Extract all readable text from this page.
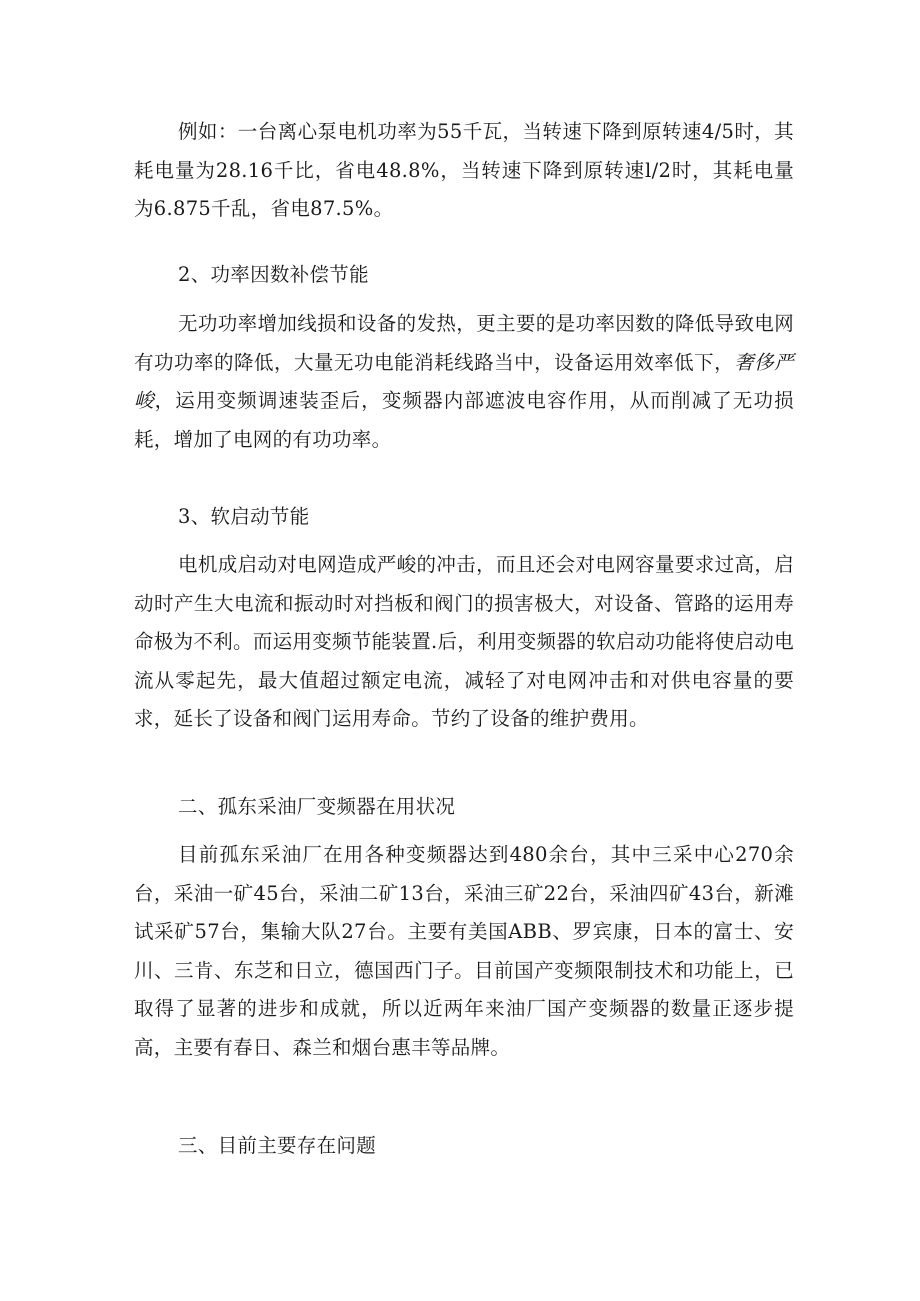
例如：一台离心泵电机功率为55千瓦，当转速下降到原转速4/5时，其耗电量为28.16千比，省电48.8%，当转速下降到原转速l/2时，其耗电量为6.875千乱，省电87.5%。

2、功率因数补偿节能

无功功率增加线损和设备的发热，更主要的是功率因数的降低导致电网有功功率的降低，大量无功电能消耗线路当中，设备运用效率低下，奢侈严峻，运用变频调速装歪后，变频器内部遮波电容作用，从而削减了无功损耗，增加了电网的有功功率。

3、软启动节能

电机成启动对电网造成严峻的冲击，而且还会对电网容量要求过高，启动时产生大电流和振动时对挡板和阀门的损害极大，对设备、管路的运用寿命极为不利。而运用变频节能装置.后，利用变频器的软启动功能将使启动电流从零起先，最大值超过额定电流，减轻了对电网冲击和对供电容量的要求，延长了设备和阀门运用寿命。节约了设备的维护费用。

二、孤东采油厂变频器在用状况

目前孤东采油厂在用各种变频器达到480余台，其中三采中心270余台，采油一矿45台，采油二矿13台，采油三矿22台，采油四矿43台，新滩试采矿57台，集输大队27台。主要有美国ABB、罗宾康，日本的富士、安川、三肯、东芝和日立，德国西门子。目前国产变频限制技术和功能上，已取得了显著的进步和成就，所以近两年来油厂国产变频器的数量正逐步提高，主要有春日、森兰和烟台惠丰等品牌。

三、目前主要存在问题
